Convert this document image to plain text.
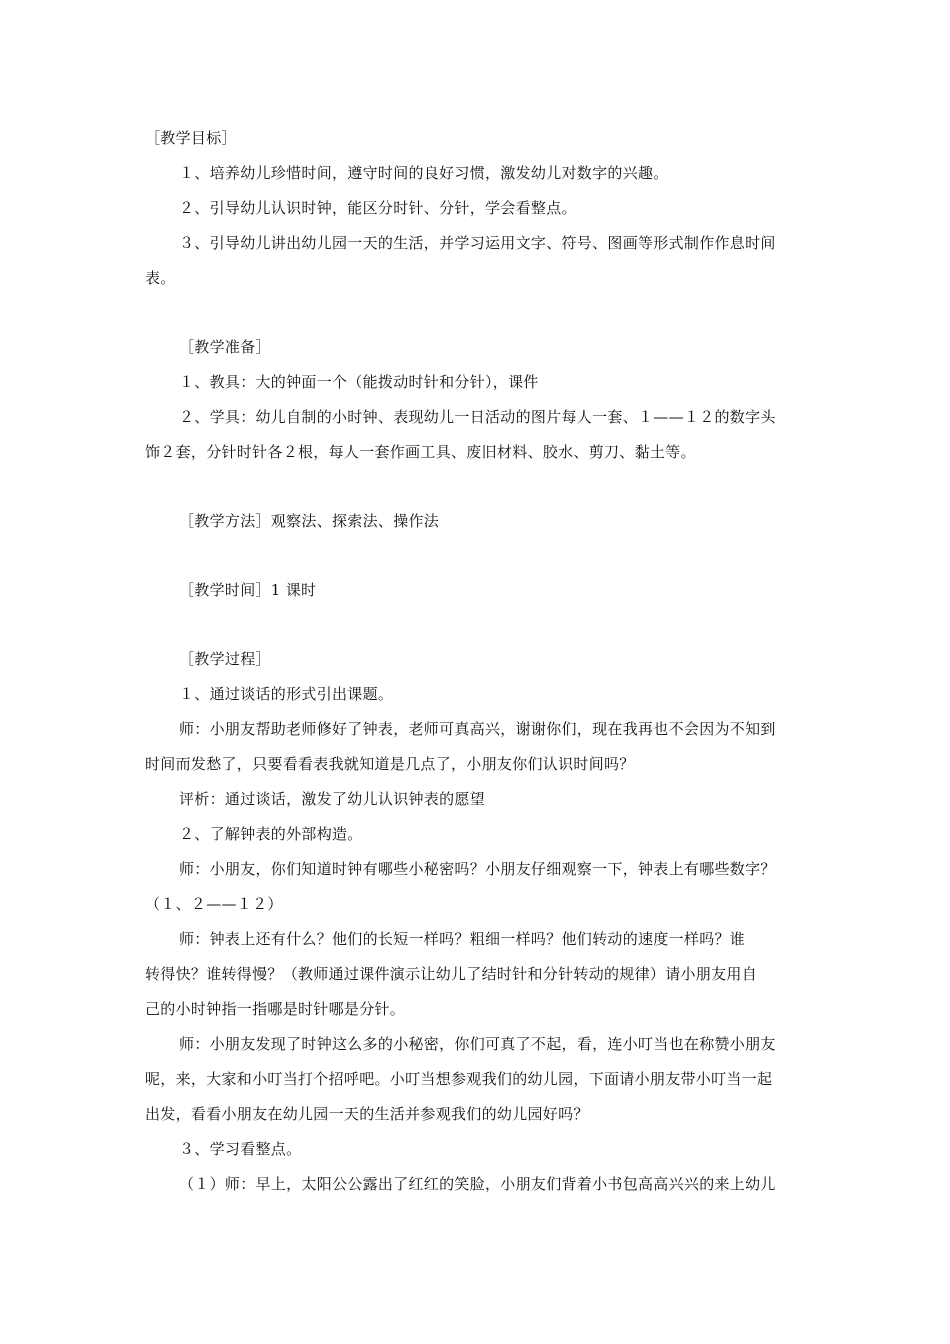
［教学目标］
１、培养幼儿珍惜时间，遵守时间的良好习惯，激发幼儿对数字的兴趣。
２、引导幼儿认识时钟，能区分时针、分针，学会看整点。
３、引导幼儿讲出幼儿园一天的生活，并学习运用文字、符号、图画等形式制作作息时间
表。
［教学准备］
１、教具：大的钟面一个（能拨动时针和分针），课件
２、学具：幼儿自制的小时钟、表现幼儿一日活动的图片每人一套、１——１２的数字头
饰２套，分针时针各２根，每人一套作画工具、废旧材料、胶水、剪刀、黏土等。
［教学方法］观察法、探索法、操作法
［教学时间］1 课时
［教学过程］
１、通过谈话的形式引出课题。
师：小朋友帮助老师修好了钟表，老师可真高兴，谢谢你们，现在我再也不会因为不知到
时间而发愁了，只要看看表我就知道是几点了，小朋友你们认识时间吗？
评析：通过谈话，激发了幼儿认识钟表的愿望
２、了解钟表的外部构造。
师：小朋友，你们知道时钟有哪些小秘密吗？小朋友仔细观察一下，钟表上有哪些数字？
（１、２——１２）
师：钟表上还有什么？他们的长短一样吗？粗细一样吗？他们转动的速度一样吗？谁
转得快？谁转得慢？（教师通过课件演示让幼儿了结时针和分针转动的规律）请小朋友用自
己的小时钟指一指哪是时针哪是分针。
师：小朋友发现了时钟这么多的小秘密，你们可真了不起，看，连小叮当也在称赞小朋友
呢，来，大家和小叮当打个招呼吧。小叮当想参观我们的幼儿园，下面请小朋友带小叮当一起
出发，看看小朋友在幼儿园一天的生活并参观我们的幼儿园好吗？
３、学习看整点。
（１）师：早上，太阳公公露出了红红的笑脸，小朋友们背着小书包高高兴兴的来上幼儿
